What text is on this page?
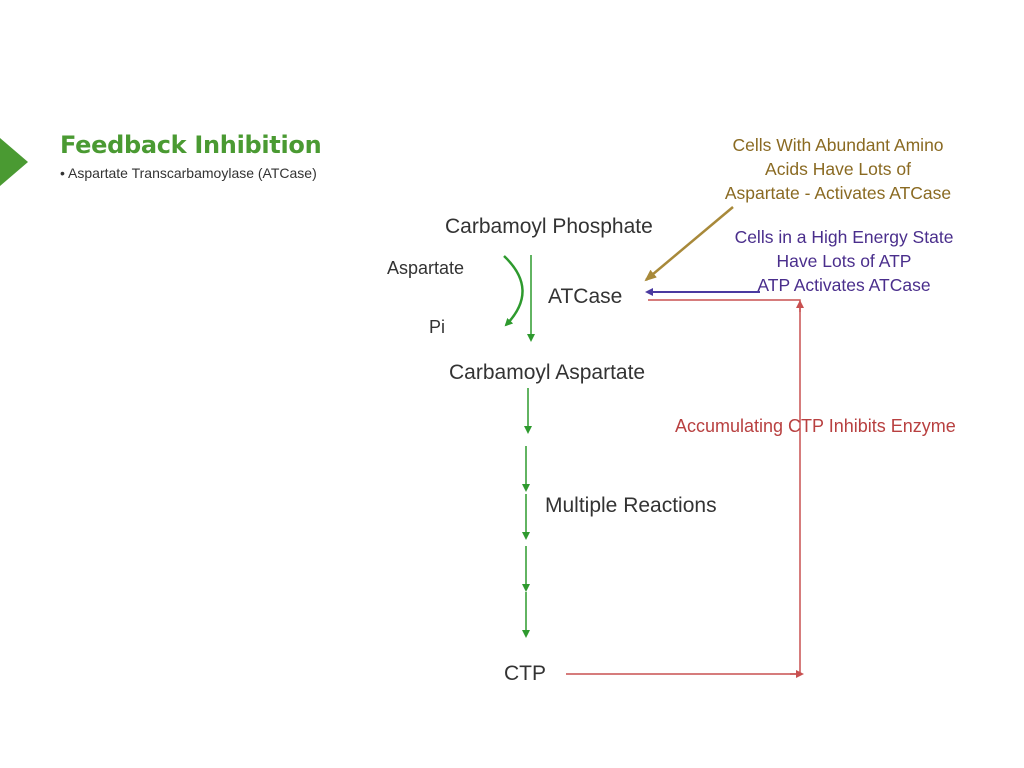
Feedback Inhibition
• Aspartate Transcarbamoylase (ATCase)
Carbamoyl Phosphate
Aspartate
ATCase
Pi
Carbamoyl Aspartate
Multiple Reactions
CTP
Cells With Abundant Amino
Acids Have Lots of
Aspartate - Activates ATCase
Cells in a High Energy State
Have Lots of ATP
ATP Activates ATCase
Accumulating CTP Inhibits Enzyme
